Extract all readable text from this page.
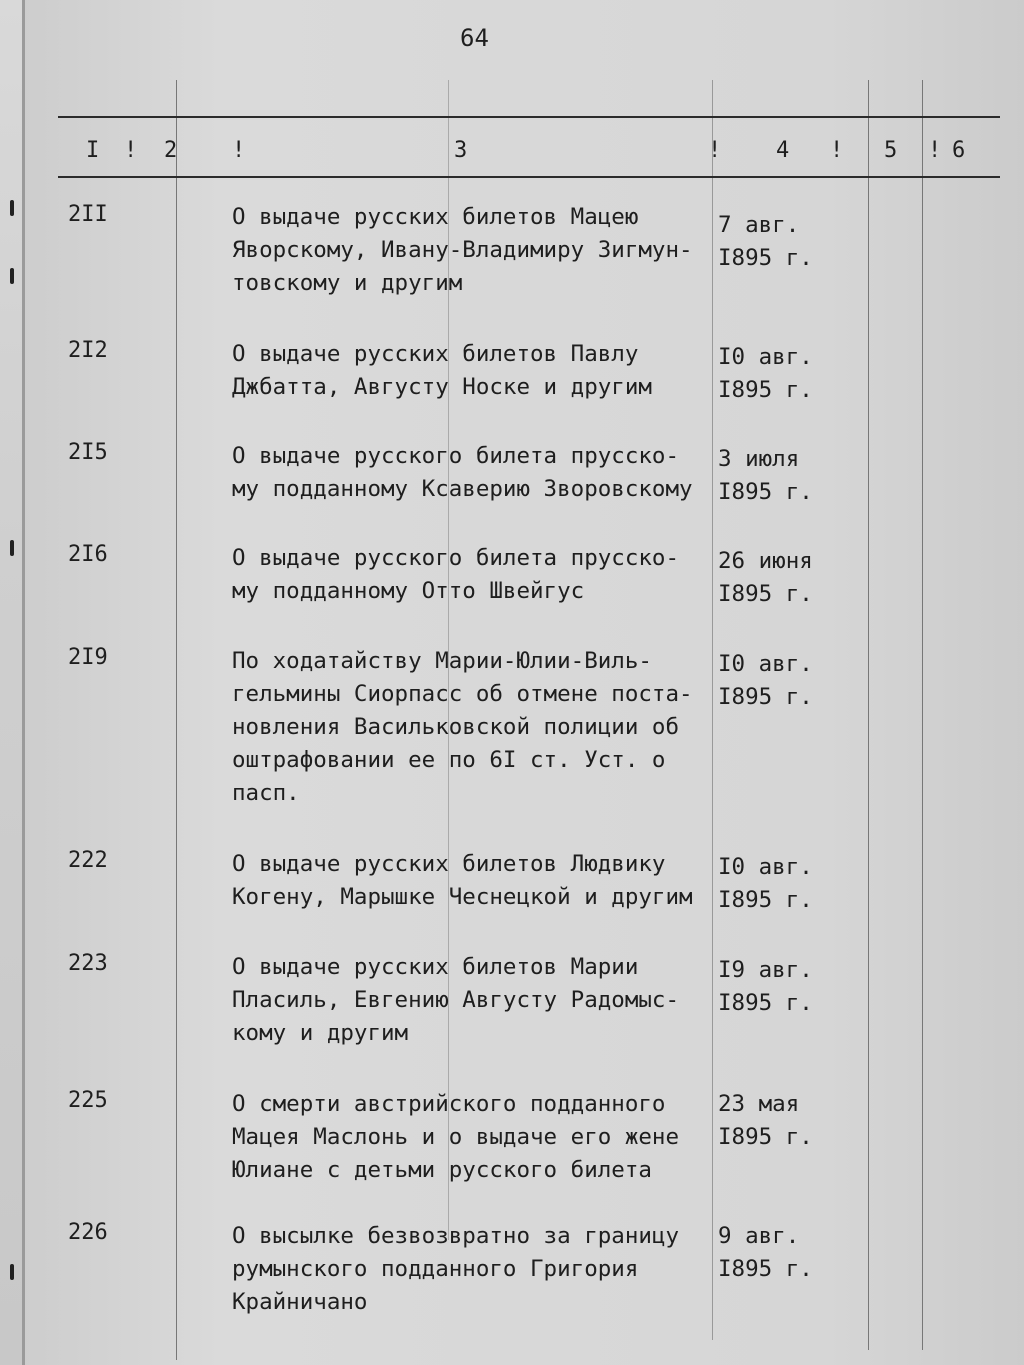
64
I ! 2 !	3	! 4 ! 5 ! 6
2II	О выдаче русских билетов Мацею
Яворскому, Ивану-Владимиру Зигмун-
товскому и другим
7 авг.
I895 г.
2I2	О выдаче русских билетов Павлу
Джбатта, Августу Носке и другим
I0 авг.
I895 г.
2I5	О выдаче русского билета прусско-
му подданному Ксаверию Зворовскому
3 июля
I895 г.
2I6	О выдаче русского билета прусско-
му подданному Отто Швейгус
26 июня
I895 г.
2I9	По ходатайству Марии-Юлии-Виль-
гельмины Сиорпасс об отмене поста-
новления Васильковской полиции об
оштрафовании ее по 6I ст. Уст. о
пасп.
I0 авг.
I895 г.
222	О выдаче русских билетов Людвику
Когену, Марышке Чеснецкой и другим
I0 авг.
I895 г.
223	О выдаче русских билетов Марии
Пласиль, Евгению Августу Радомыс-
кому и другим
I9 авг.
I895 г.
225	О смерти австрийского подданного
Мацея Маслонь и о выдаче его жене
Юлиане с детьми русского билета
23 мая
I895 г.
226	О высылке безвозвратно за границу
румынского подданного Григория
Крайничано
9 авг.
I895 г.
